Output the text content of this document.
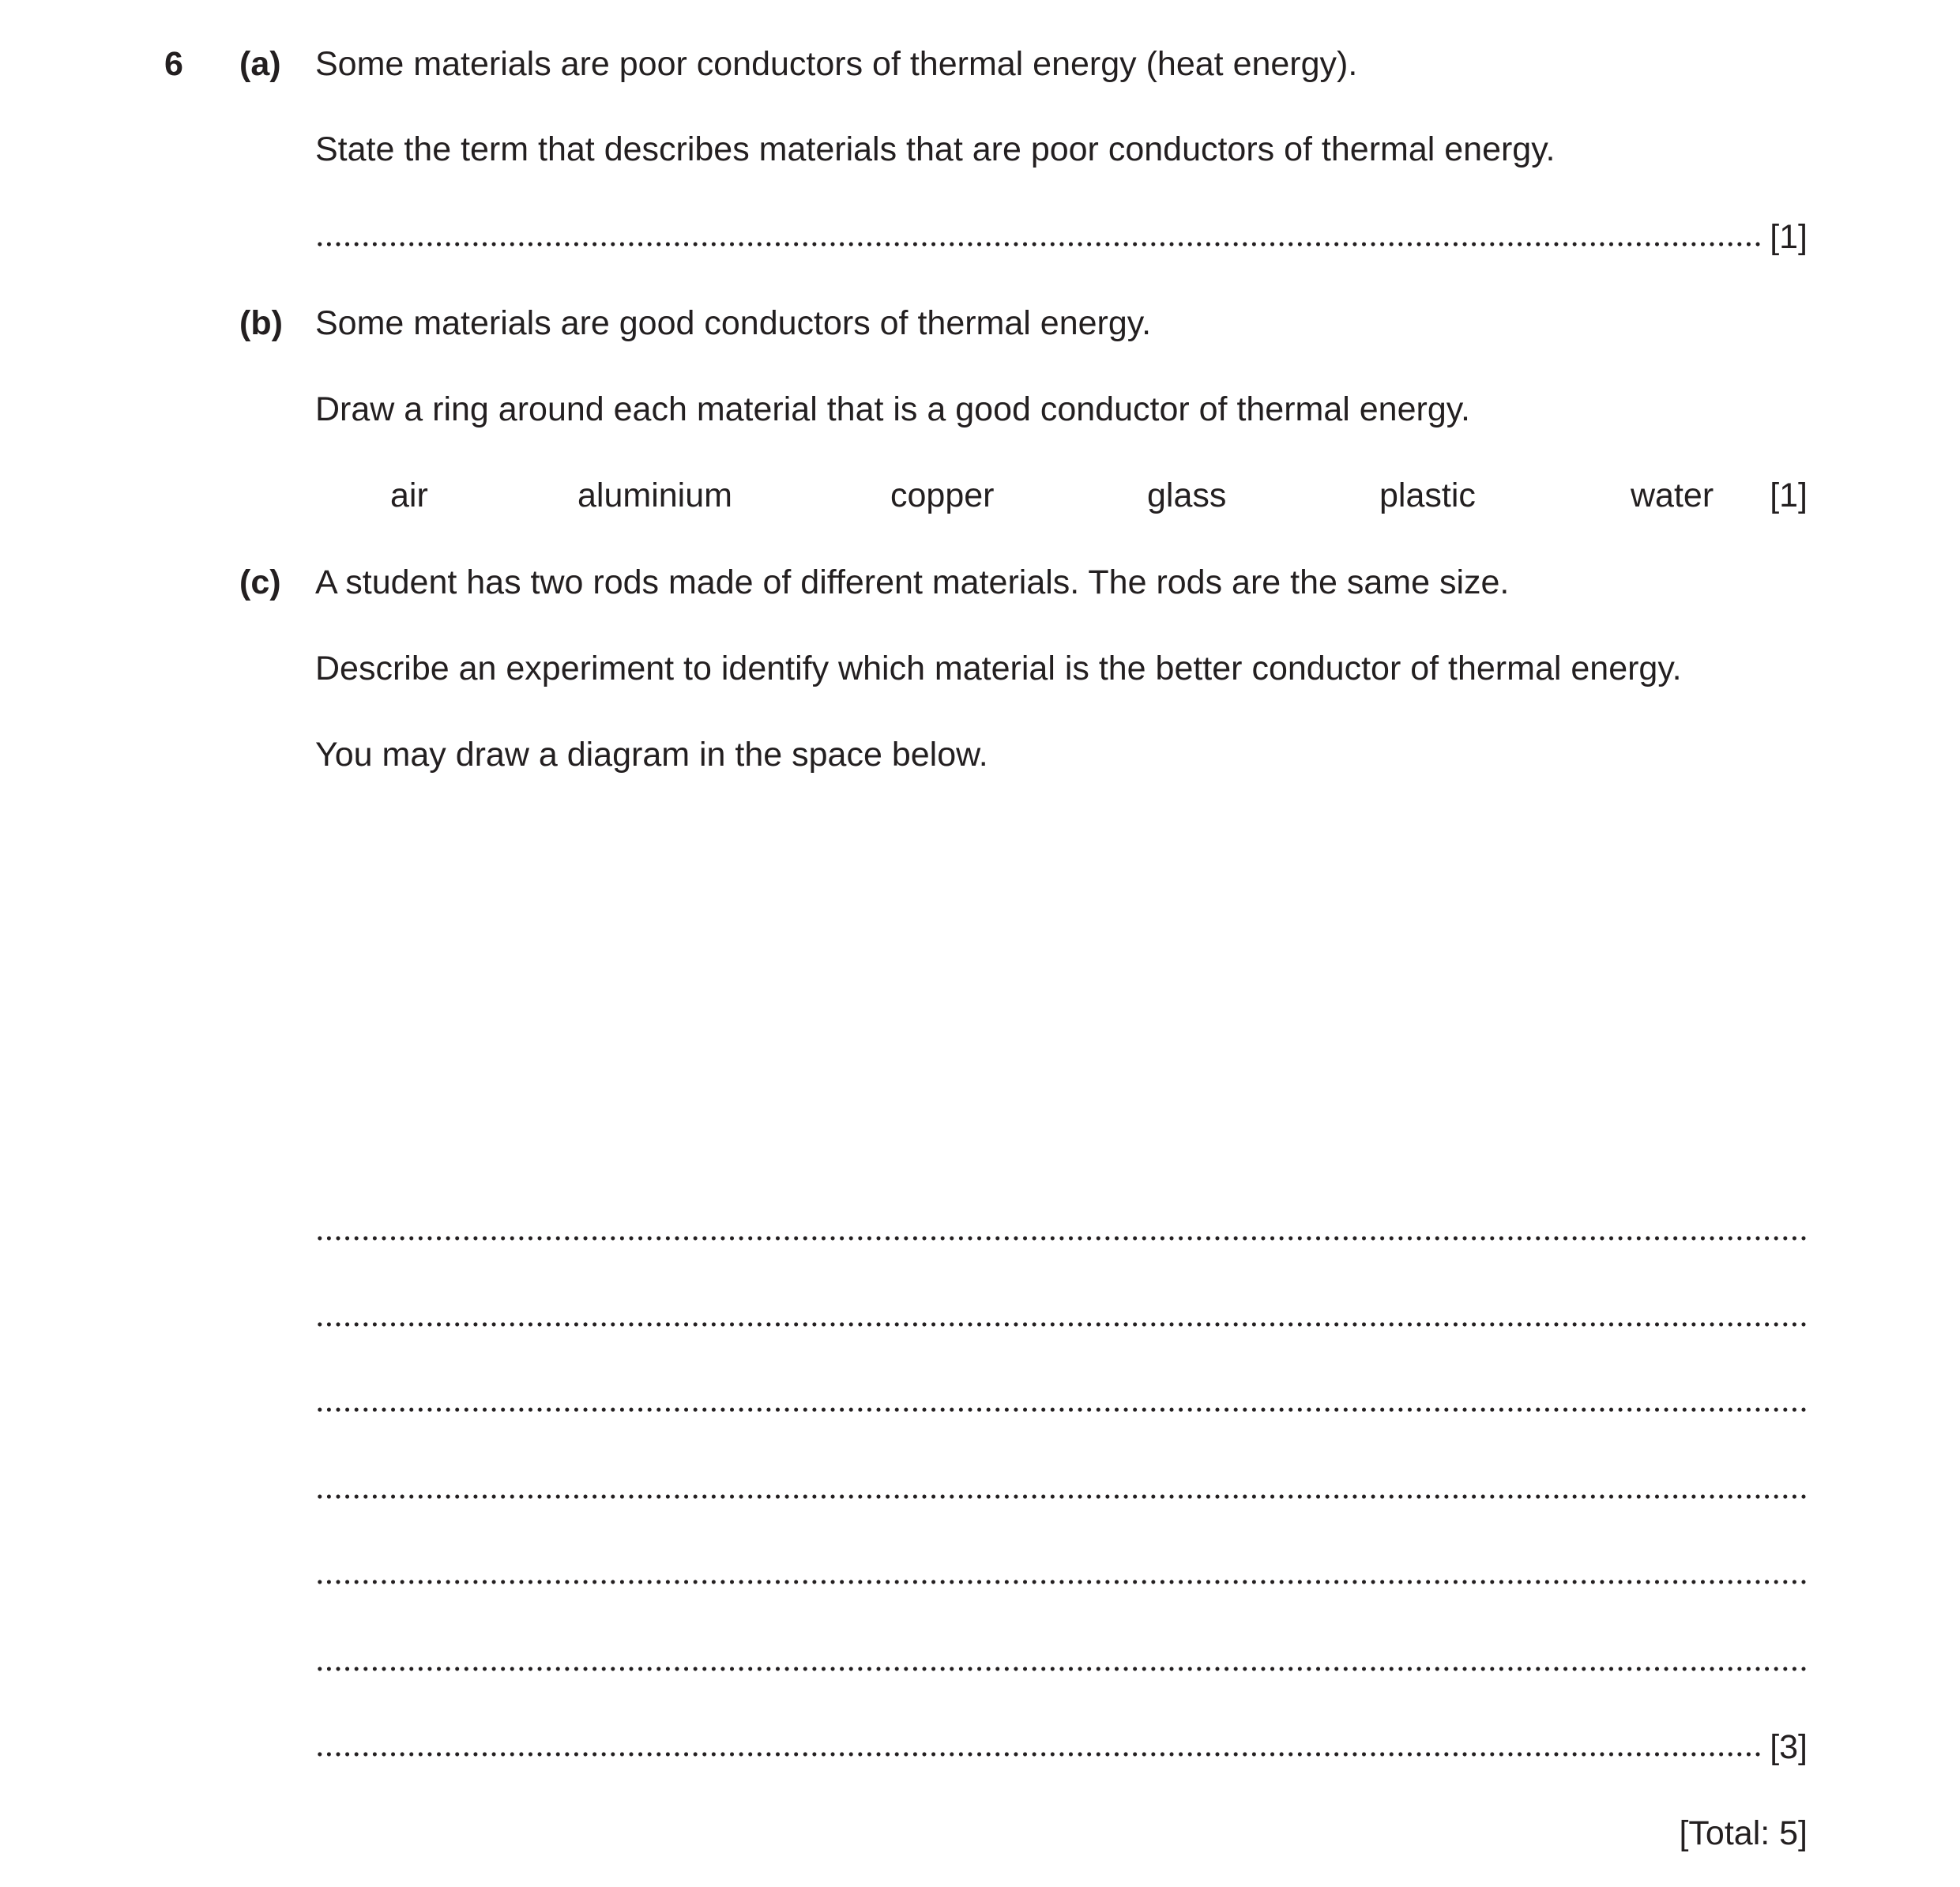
6 (a) Some materials are poor conductors of thermal energy (heat energy).
State the term that describes materials that are poor conductors of thermal energy.
[1]
(b) Some materials are good conductors of thermal energy.
Draw a ring around each material that is a good conductor of thermal energy.
air	aluminium	copper	glass	plastic	water [1]
(c) A student has two rods made of different materials. The rods are the same size.
Describe an experiment to identify which material is the better conductor of thermal energy.
You may draw a diagram in the space below.
[3]
[Total: 5]
